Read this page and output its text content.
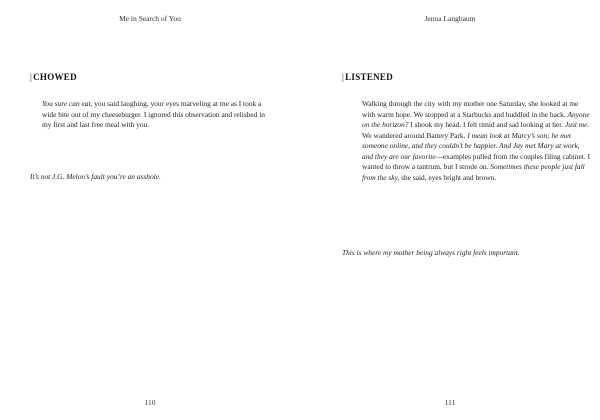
Me in Search of You
|CHOWED
You sure can eat, you said laughing, your eyes marveling at me as I took a wide bite out of my cheeseburger. I ignored this observation and relished in my first and last free meal with you.
It’s not J.G. Melon’s fault you’re an asshole.
110
Jenna Langbaum
|LISTENED
Walking through the city with my mother one Saturday, she looked at me with warm hope. We stopped at a Starbucks and huddled in the back. Anyone on the horizon? I shook my head. I felt timid and sad looking at her. Just me. We wandered around Battery Park. I mean look at Marcy’s son; he met someone online, and they couldn’t be happier. And Jay met Mary at work, and they are our favorite—examples pulled from the couples filing cabinet. I wanted to throw a tantrum, but I strode on. Sometimes these people just fall from the sky, she said, eyes bright and brown.
This is where my mother being always right feels important.
111
